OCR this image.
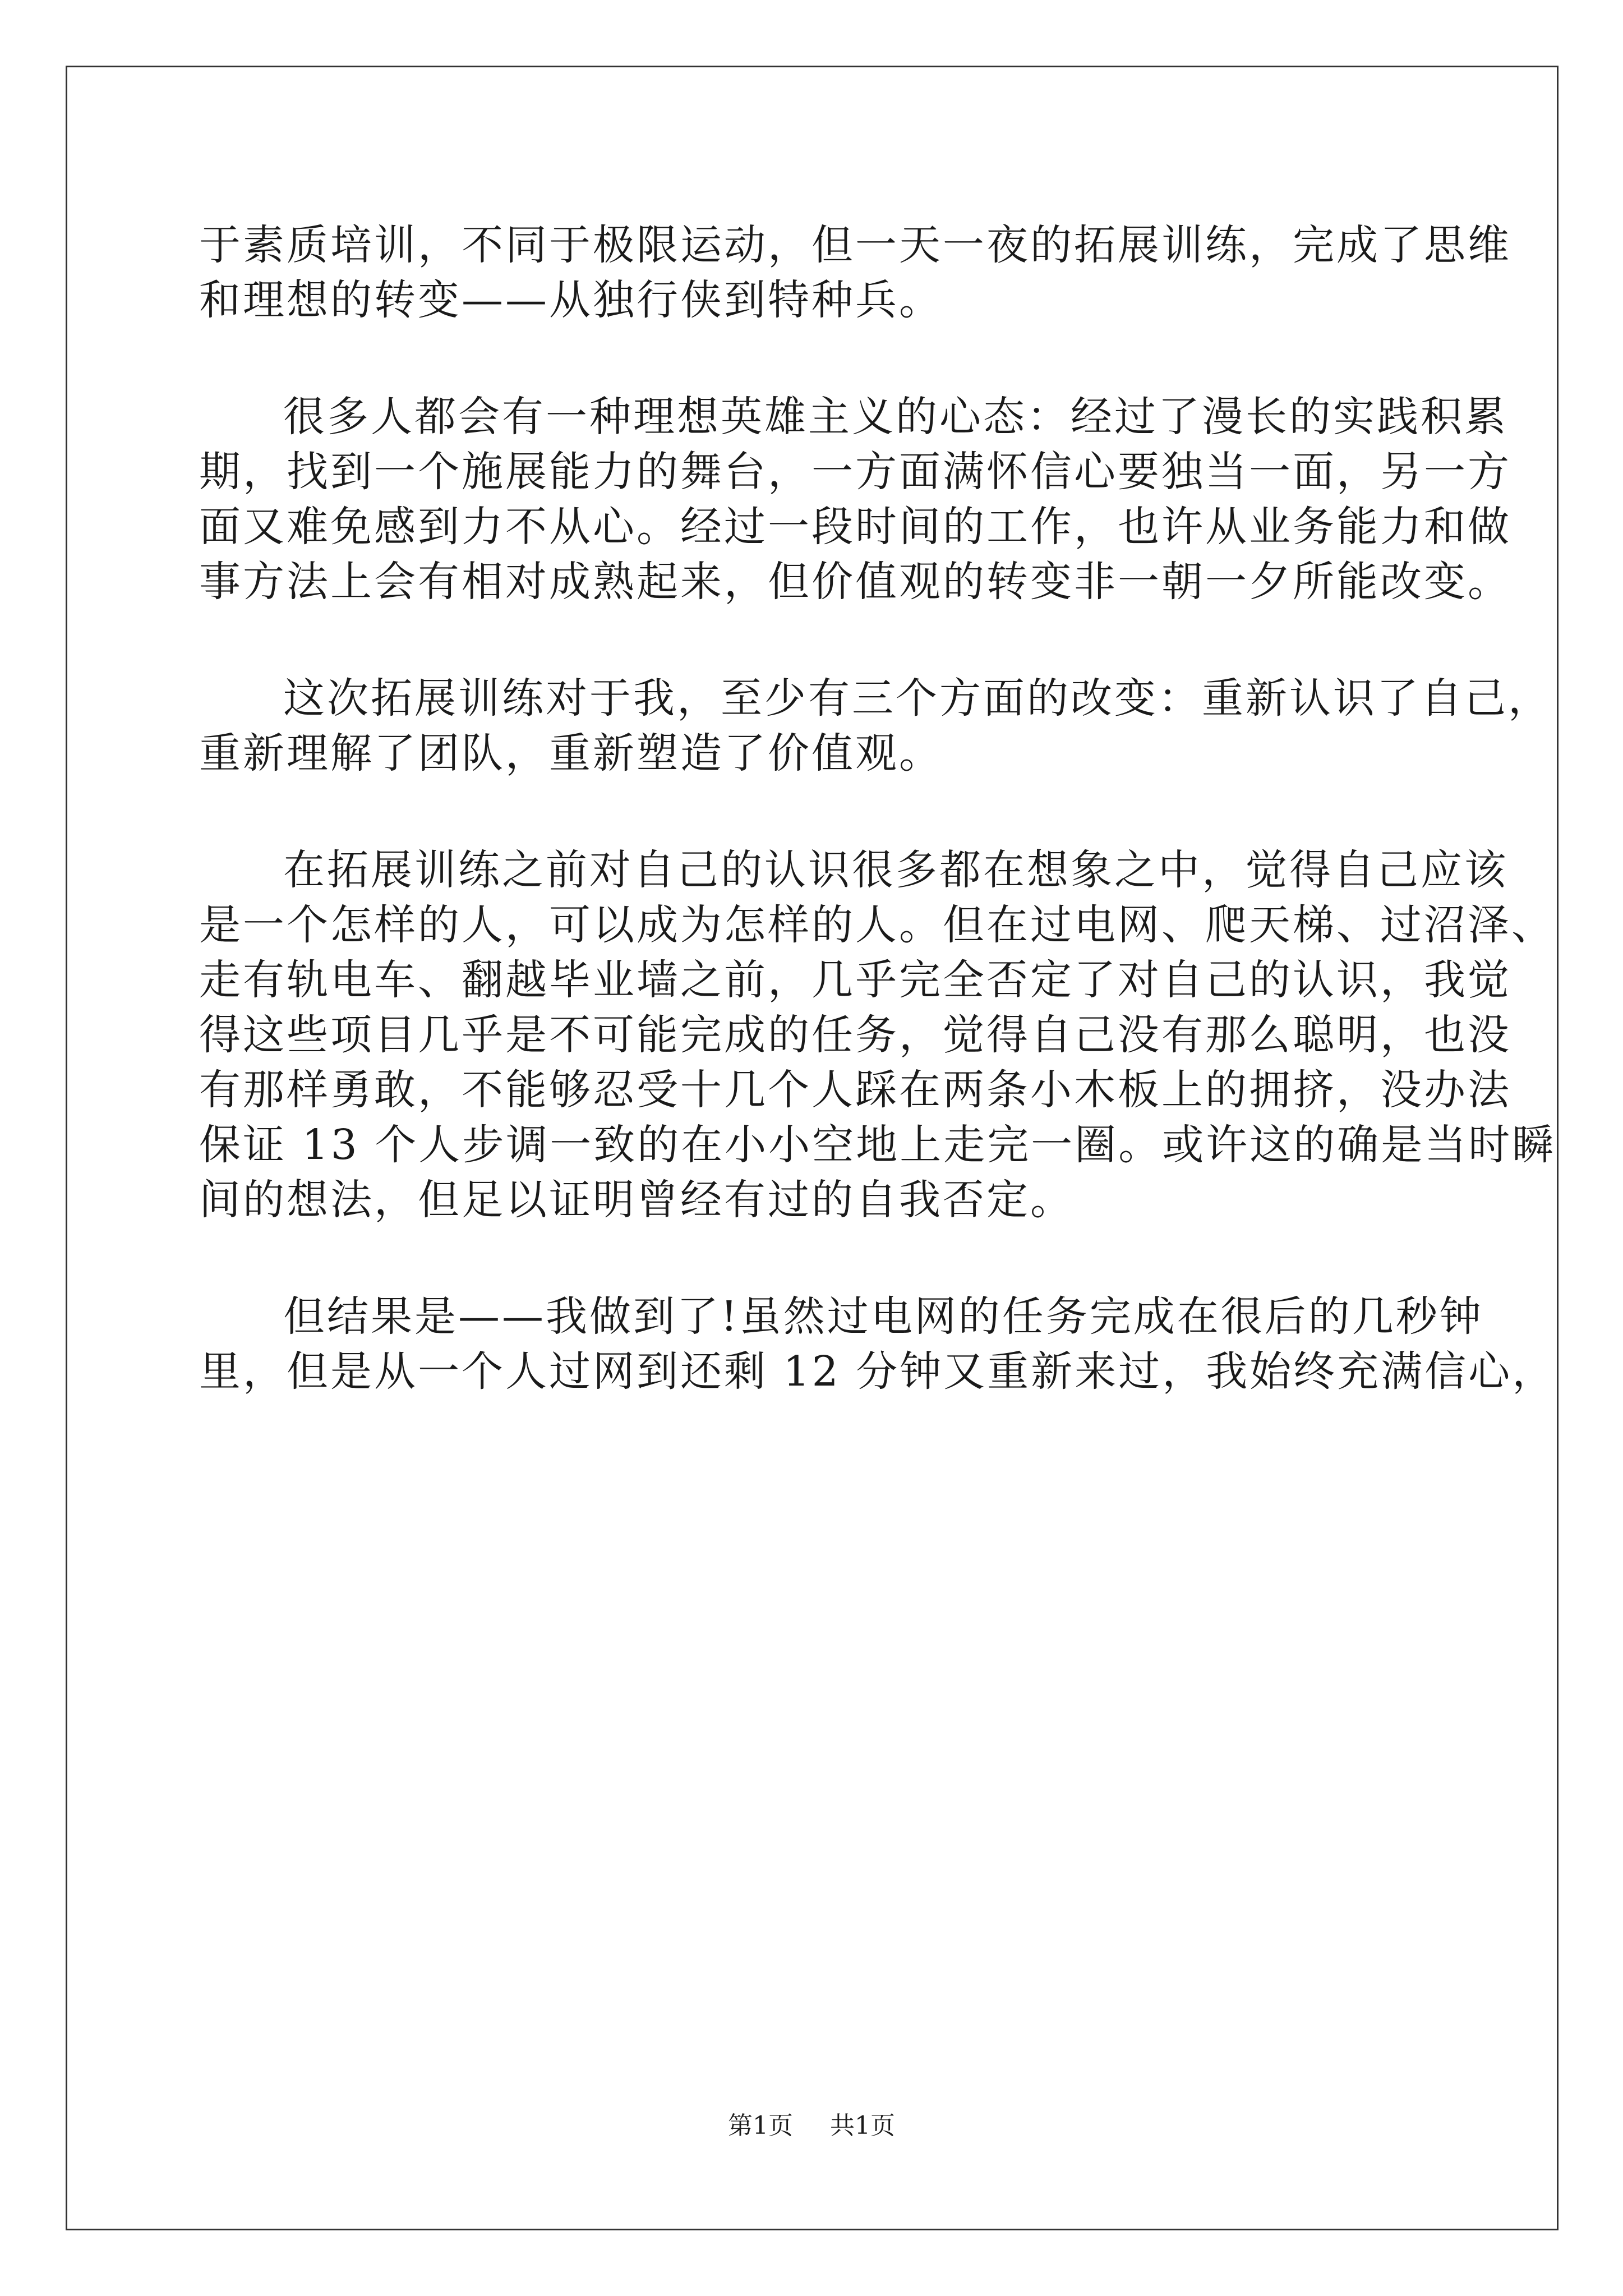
于素质培训，不同于极限运动，但一天一夜的拓展训练，完成了思维
和理想的转变——从独行侠到特种兵。
很多人都会有一种理想英雄主义的心态：经过了漫长的实践积累
期，找到一个施展能力的舞台，一方面满怀信心要独当一面，另一方
面又难免感到力不从心。经过一段时间的工作，也许从业务能力和做
事方法上会有相对成熟起来，但价值观的转变非一朝一夕所能改变。
这次拓展训练对于我，至少有三个方面的改变：重新认识了自己，
重新理解了团队，重新塑造了价值观。
在拓展训练之前对自己的认识很多都在想象之中，觉得自己应该
是一个怎样的人，可以成为怎样的人。但在过电网、爬天梯、过沼泽、
走有轨电车、翻越毕业墙之前，几乎完全否定了对自己的认识，我觉
得这些项目几乎是不可能完成的任务，觉得自己没有那么聪明，也没
有那样勇敢，不能够忍受十几个人踩在两条小木板上的拥挤，没办法
保证 13 个人步调一致的在小小空地上走完一圈。或许这的确是当时瞬
间的想法，但足以证明曾经有过的自我否定。
但结果是——我做到了!虽然过电网的任务完成在很后的几秒钟
里，但是从一个人过网到还剩 12 分钟又重新来过，我始终充满信心，
第1页 共1页
